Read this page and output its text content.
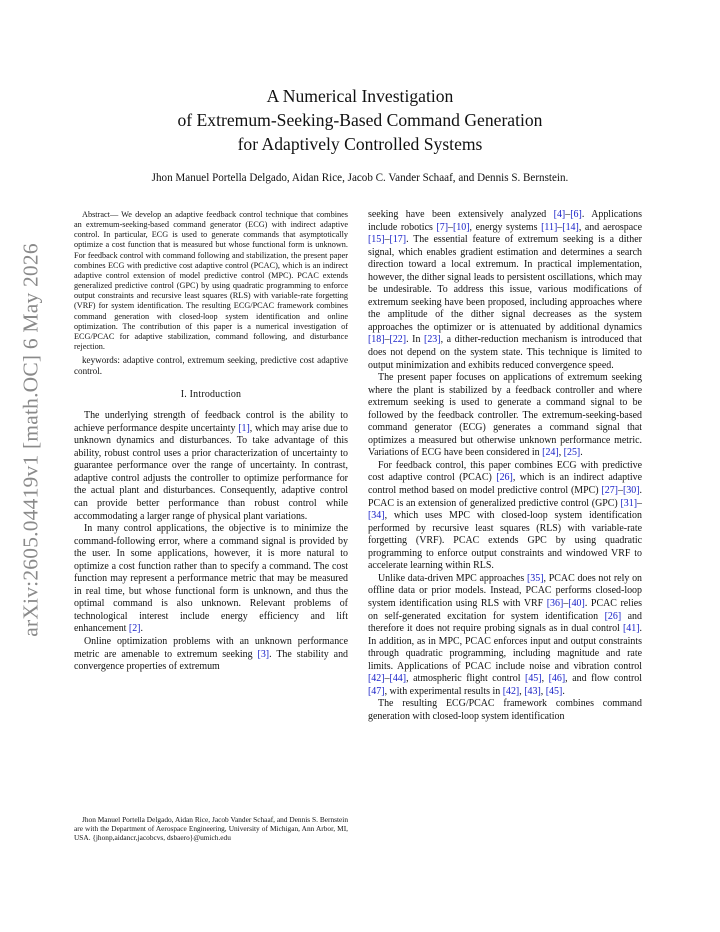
arXiv:2605.04419v1 [math.OC] 6 May 2026
A Numerical Investigation
of Extremum-Seeking-Based Command Generation
for Adaptively Controlled Systems
Jhon Manuel Portella Delgado, Aidan Rice, Jacob C. Vander Schaaf, and Dennis S. Bernstein.

Abstract— We develop an adaptive feedback control technique that combines an extremum-seeking-based command generator (ECG) with indirect adaptive control. In particular, ECG is used to generate commands that asymptotically optimize a cost function that is measured but whose functional form is unknown. For feedback control with command following and stabilization, the present paper combines ECG with predictive cost adaptive control (PCAC), which is an indirect adaptive control extension of model predictive control (MPC). PCAC extends generalized predictive control (GPC) by using quadratic programming to enforce output constraints and recursive least squares (RLS) with variable-rate forgetting (VRF) for system identification. The resulting ECG/PCAC framework combines command generation with closed-loop system identification and online optimization. The contribution of this paper is a numerical investigation of ECG/PCAC for adaptive stabilization, command following, and disturbance rejection.

keywords: adaptive control, extremum seeking, predictive cost adaptive control.

I. Introduction

The underlying strength of feedback control is the ability to achieve performance despite uncertainty [1], which may arise due to unknown dynamics and disturbances. To take advantage of this ability, robust control uses a prior characterization of uncertainty to guarantee performance over the range of uncertainty. In contrast, adaptive control adjusts the controller to optimize performance for the actual plant and disturbances. Consequently, adaptive control can provide better performance than robust control while accommodating a larger range of physical plant variations.

In many control applications, the objective is to minimize the command-following error, where a command signal is provided by the user. In some applications, however, it is more natural to optimize a cost function rather than to specify a command. The cost function may represent a performance metric that may be measured in real time, but whose functional form is unknown, and thus the optimal command is also unknown. Relevant problems of technological interest include energy efficiency and lift enhancement [2].

Online optimization problems with an unknown performance metric are amenable to extremum seeking [3]. The stability and convergence properties of extremum

seeking have been extensively analyzed [4]–[6]. Applications include robotics [7]–[10], energy systems [11]–[14], and aerospace [15]–[17]. The essential feature of extremum seeking is a dither signal, which enables gradient estimation and determines a search direction toward a local extremum. In practical implementation, however, the dither signal leads to persistent oscillations, which may be undesirable. To address this issue, various modifications of extremum seeking have been proposed, including approaches where the amplitude of the dither signal decreases as the system approaches the optimizer or is attenuated by additional dynamics [18]–[22]. In [23], a dither-reduction mechanism is introduced that does not depend on the system state. This technique is limited to output minimization and exhibits reduced convergence speed.

The present paper focuses on applications of extremum seeking where the plant is stabilized by a feedback controller and where extremum seeking is used to generate a command signal to be followed by the feedback controller. The extremum-seeking-based command generator (ECG) generates a command signal that optimizes a measured but otherwise unknown performance metric. Variations of ECG have been considered in [24], [25].

For feedback control, this paper combines ECG with predictive cost adaptive control (PCAC) [26], which is an indirect adaptive control method based on model predictive control (MPC) [27]–[30]. PCAC is an extension of generalized predictive control (GPC) [31]–[34], which uses MPC with closed-loop system identification performed by recursive least squares (RLS) with variable-rate forgetting (VRF). PCAC extends GPC by using quadratic programming to enforce output constraints and windowed VRF to accelerate learning within RLS.

Unlike data-driven MPC approaches [35], PCAC does not rely on offline data or prior models. Instead, PCAC performs closed-loop system identification using RLS with VRF [36]–[40]. PCAC relies on self-generated excitation for system identification [26] and therefore it does not require probing signals as in dual control [41]. In addition, as in MPC, PCAC enforces input and output constraints through quadratic programming, including magnitude and rate limits. Applications of PCAC include noise and vibration control [42]–[44], atmospheric flight control [45], [46], and flow control [47], with experimental results in [42], [43], [45].

The resulting ECG/PCAC framework combines command generation with closed-loop system identification

Jhon Manuel Portella Delgado, Aidan Rice, Jacob Vander Schaaf, and Dennis S. Bernstein are with the Department of Aerospace Engineering, University of Michigan, Ann Arbor, MI, USA. {jhonp,aidancr,jacobcvs, dsbaero}@umich.edu
